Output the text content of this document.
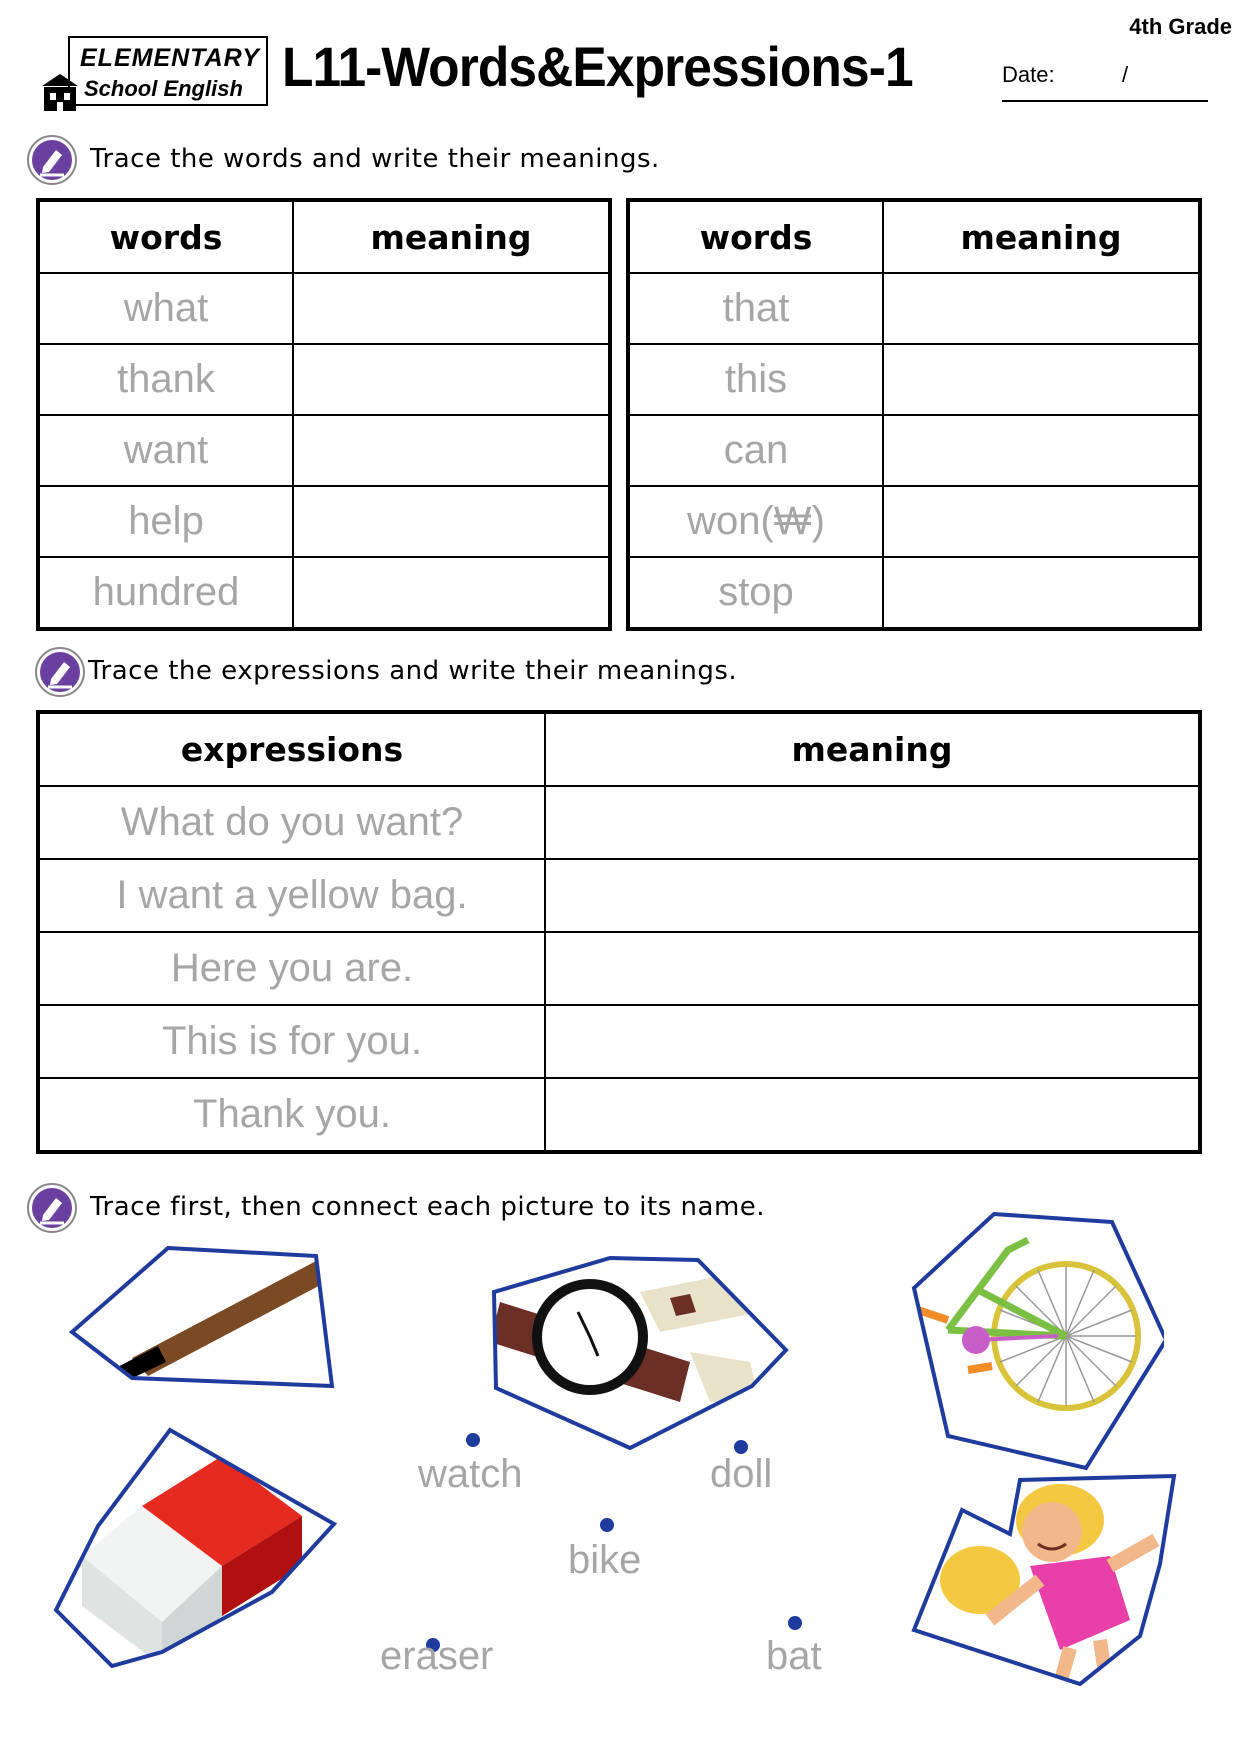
4th Grade
ELEMENTARY
School English L11-Words&Expressions-1	Date:	/
Trace the words and write their meanings.
words	meaning
what	
thank	
want	
help	
hundred	
words	meaning
that	
this	
can	
won(₩)	
stop	
Trace the expressions and write their meanings.
expressions	meaning
What do you want?	
I want a yellow bag.	
Here you are.	
This is for you.	
Thank you.	
Trace first, then connect each picture to its name.
watch	doll
bike
eraser	bat
